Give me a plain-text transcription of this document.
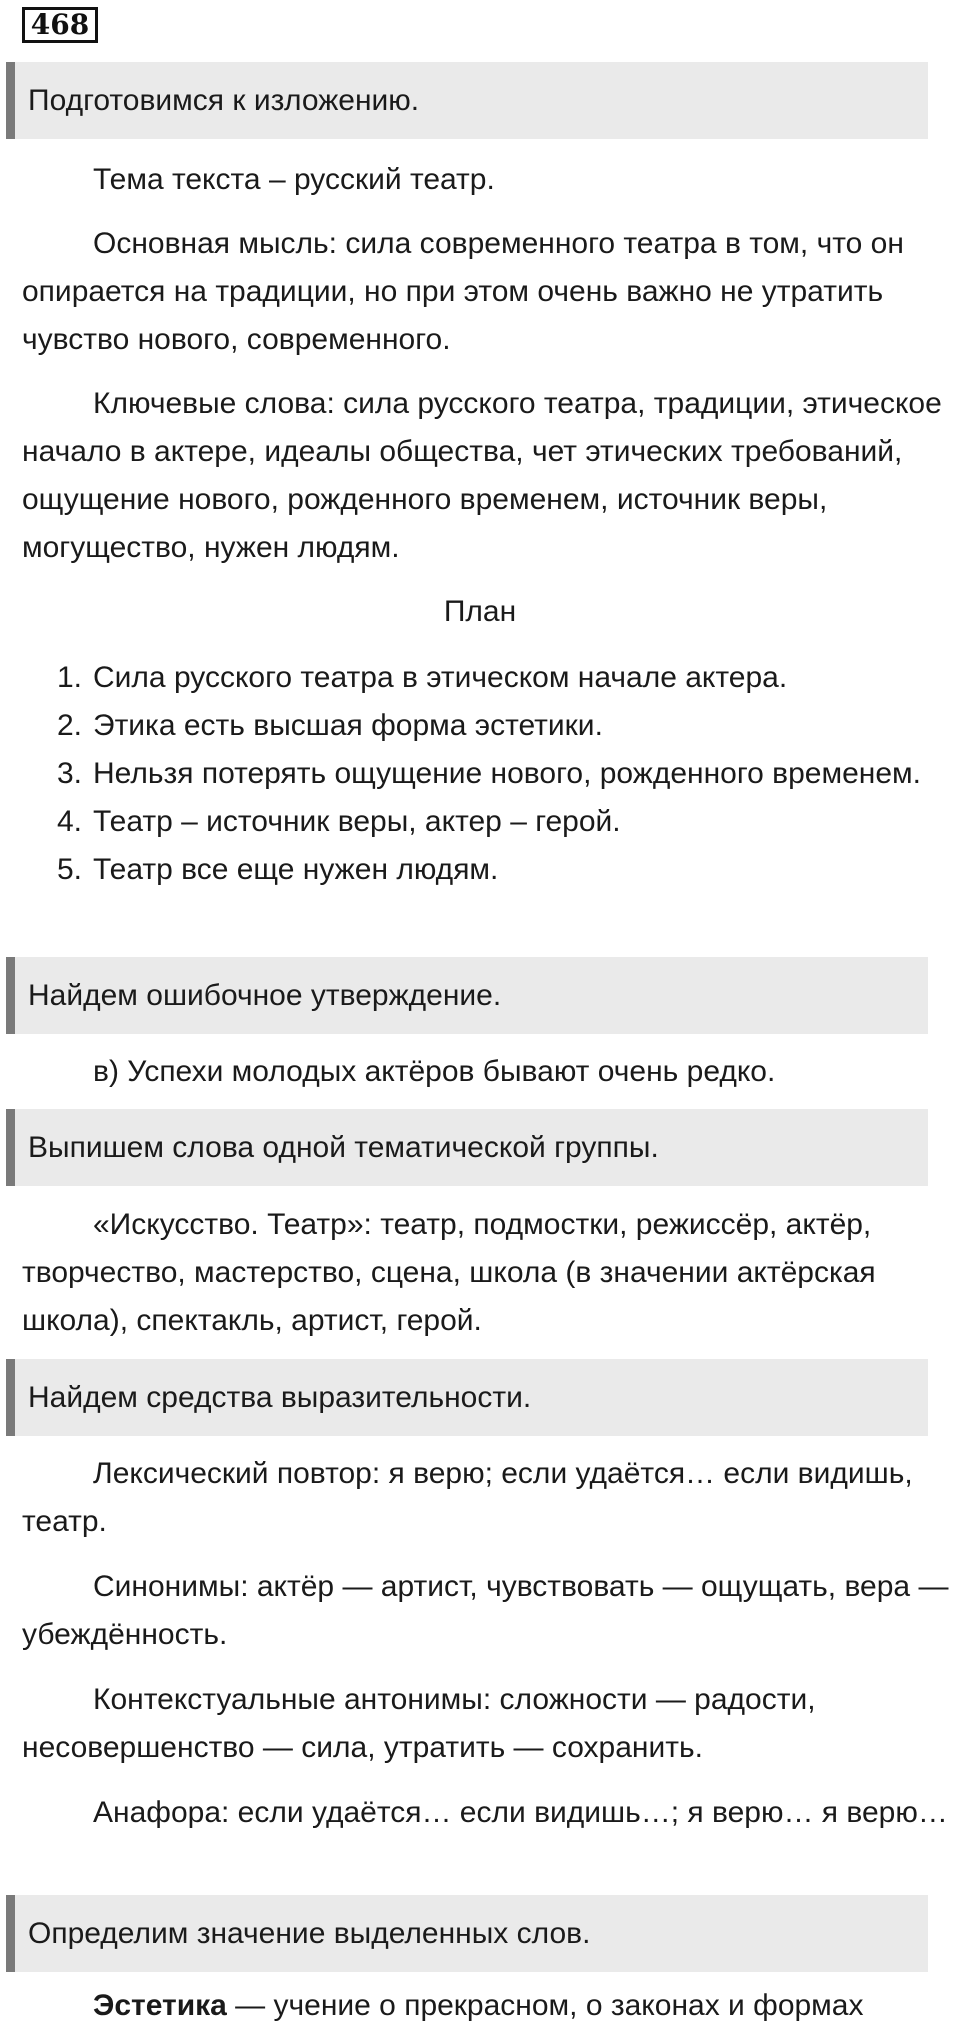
468
Подготовимся к изложению.
Тема текста – русский театр.
Основная мысль: сила современного театра в том, что он опирается на традиции, но при этом очень важно не утратить чувство нового, современного.
Ключевые слова: сила русского театра, традиции, этическое начало в актере, идеалы общества, чет этических требований, ощущение нового, рожденного временем, источник веры, могущество, нужен людям.
План
1. Сила русского театра в этическом начале актера.
2. Этика есть высшая форма эстетики.
3. Нельзя потерять ощущение нового, рожденного временем.
4. Театр – источник веры, актер – герой.
5. Театр все еще нужен людям.
Найдем ошибочное утверждение.
в) Успехи молодых актёров бывают очень редко.
Выпишем слова одной тематической группы.
«Искусство. Театр»: театр, подмостки, режиссёр, актёр, творчество, мастерство, сцена, школа (в значении актёрская школа), спектакль, артист, герой.
Найдем средства выразительности.
Лексический повтор: я верю; если удаётся… если видишь, театр.
Синонимы: актёр — артист, чувствовать — ощущать, вера — убеждённость.
Контекстуальные антонимы: сложности — радости, несовершенство — сила, утратить — сохранить.
Анафора: если удаётся… если видишь…; я верю… я верю…
Определим значение выделенных слов.
Эстетика — учение о прекрасном, о законах и формах
